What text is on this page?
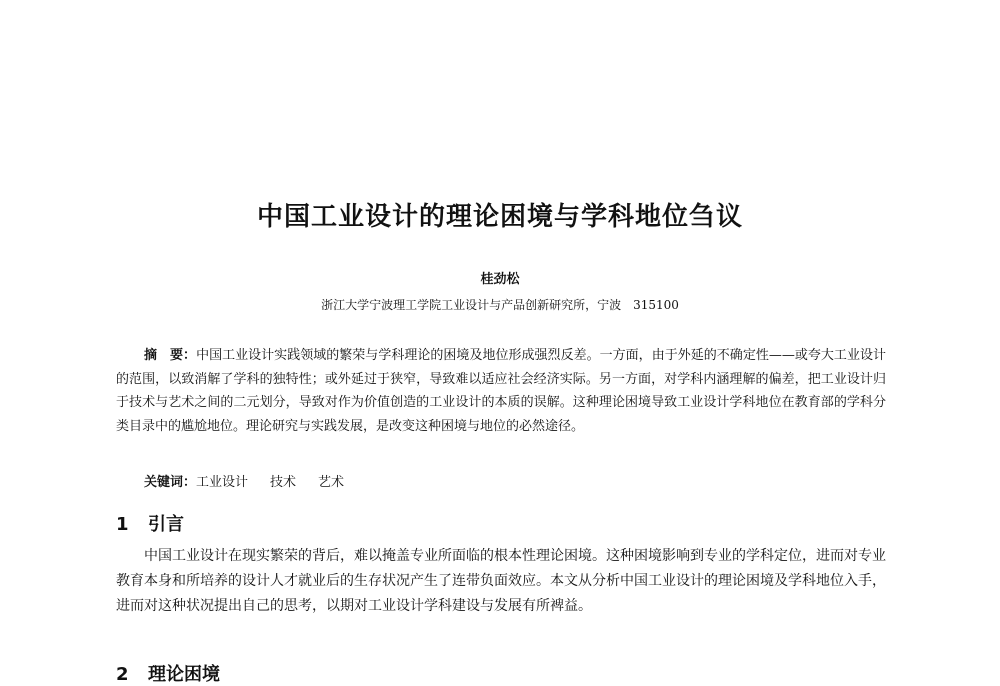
中国工业设计的理论困境与学科地位刍议
桂劲松
浙江大学宁波理工学院工业设计与产品创新研究所，宁波　315100
摘　要：中国工业设计实践领域的繁荣与学科理论的困境及地位形成强烈反差。一方面，由于外延的不确定性——或夸大工业设计的范围，以致消解了学科的独特性；或外延过于狭窄，导致难以适应社会经济实际。另一方面，对学科内涵理解的偏差，把工业设计归于技术与艺术之间的二元划分，导致对作为价值创造的工业设计的本质的误解。这种理论困境导致工业设计学科地位在教育部的学科分类目录中的尴尬地位。理论研究与实践发展，是改变这种困境与地位的必然途径。
关键词：工业设计 技术 艺术
1 引言
中国工业设计在现实繁荣的背后，难以掩盖专业所面临的根本性理论困境。这种困境影响到专业的学科定位，进而对专业教育本身和所培养的设计人才就业后的生存状况产生了连带负面效应。本文从分析中国工业设计的理论困境及学科地位入手，进而对这种状况提出自己的思考，以期对工业设计学科建设与发展有所裨益。
2 理论困境
